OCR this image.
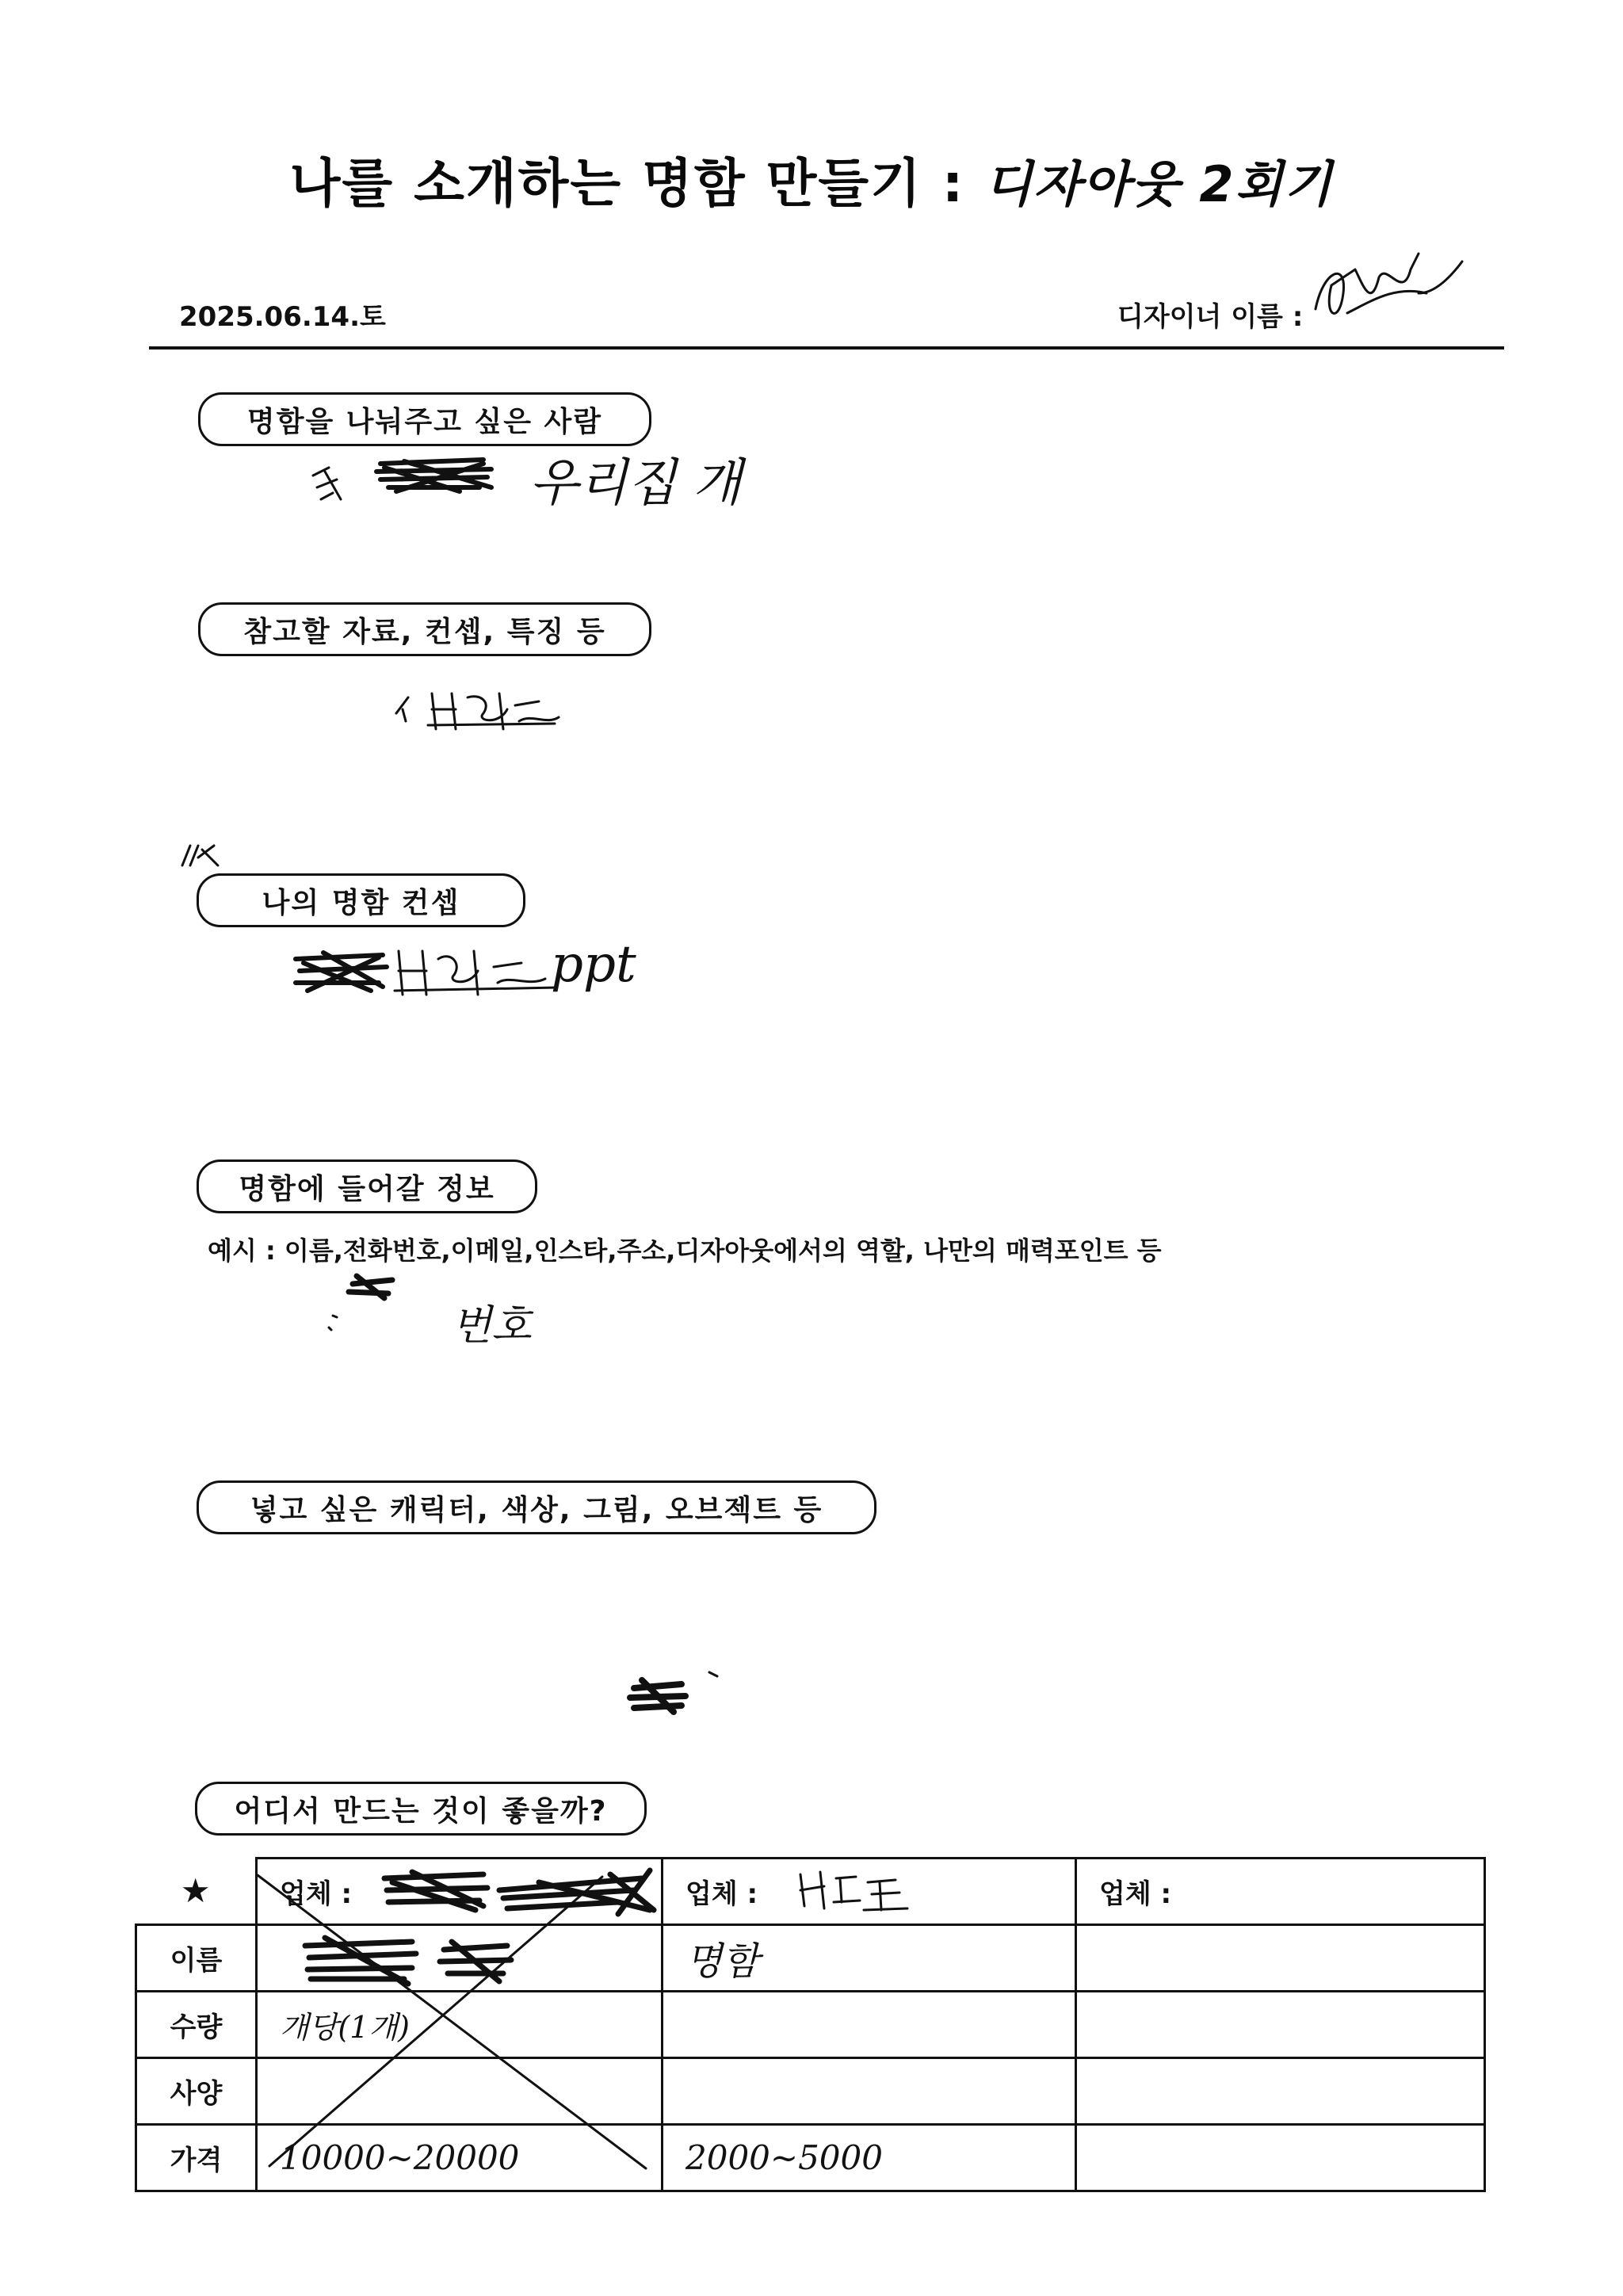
나를 소개하는 명함 만들기 : 디자아웃 2회기
2025.06.14.토	디자이너 이름 :
명함을 나눠주고 싶은 사람
우리집 개
참고할 자료, 컨셉, 특징 등
나의 명함 컨셉
ppt
명함에 들어갈 정보
예시 : 이름,전화번호,이메일,인스타,주소,디자아웃에서의 역할, 나만의 매력포인트 등
번호
넣고 싶은 캐릭터, 색상, 그림, 오브젝트 등
어디서 만드는 것이 좋을까?
★	업체 :	업체 :	업체 :
이름		명함	
수량	개당(1개)		
사양			
가격	10000~20000	2000~5000	
